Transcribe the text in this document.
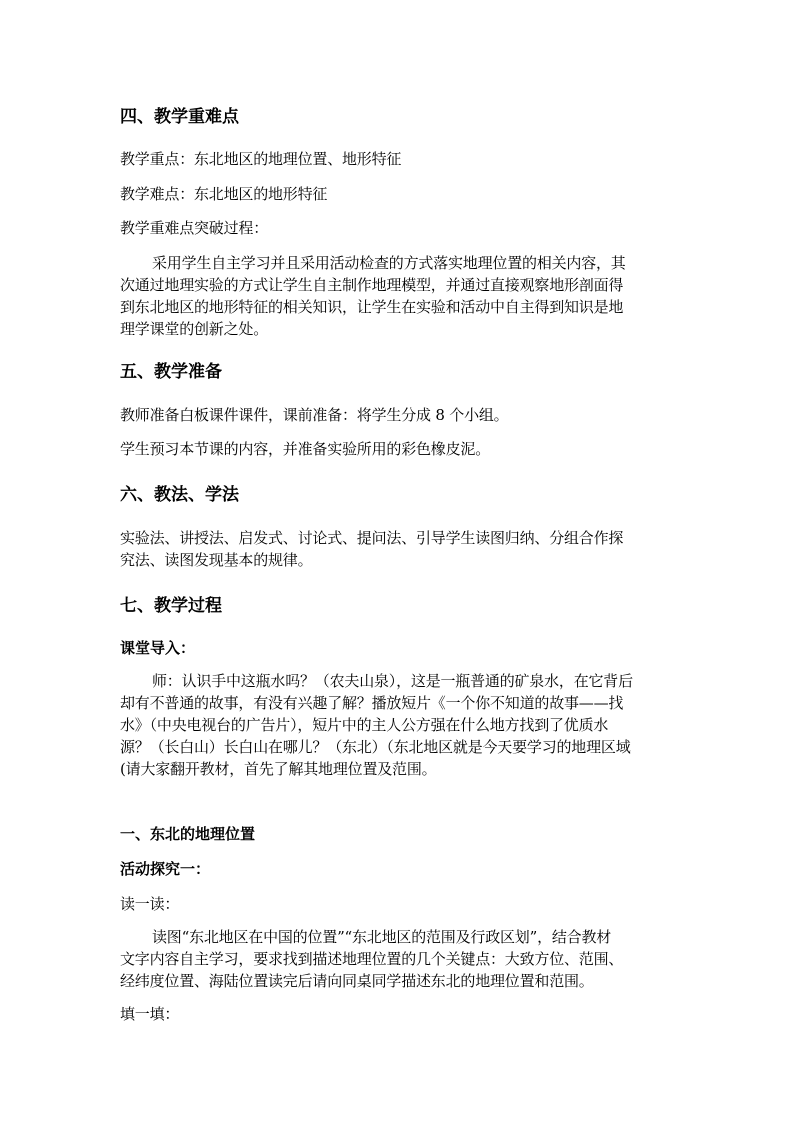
四、教学重难点
教学重点：东北地区的地理位置、地形特征
教学难点：东北地区的地形特征
教学重难点突破过程：
采用学生自主学习并且采用活动检查的方式落实地理位置的相关内容，其
次通过地理实验的方式让学生自主制作地理模型，并通过直接观察地形剖面得
到东北地区的地形特征的相关知识，让学生在实验和活动中自主得到知识是地
理学课堂的创新之处。
五、教学准备
教师准备白板课件课件，课前准备：将学生分成 8 个小组。
学生预习本节课的内容，并准备实验所用的彩色橡皮泥。
六、教法、学法
实验法、讲授法、启发式、讨论式、提问法、引导学生读图归纳、分组合作探
究法、读图发现基本的规律。
七、教学过程
课堂导入：
师：认识手中这瓶水吗？（农夫山泉），这是一瓶普通的矿泉水，在它背后
却有不普通的故事，有没有兴趣了解？播放短片《一个你不知道的故事——找
水》（中央电视台的广告片），短片中的主人公方强在什么地方找到了优质水
源？（长白山）长白山在哪儿？（东北）（东北地区就是今天要学习的地理区域
(请大家翻开教材，首先了解其地理位置及范围。
一、东北的地理位置
活动探究一：
读一读：
读图“东北地区在中国的位置”“东北地区的范围及行政区划”，结合教材
文字内容自主学习，要求找到描述地理位置的几个关键点：大致方位、范围、
经纬度位置、海陆位置读完后请向同桌同学描述东北的地理位置和范围。
填一填：
